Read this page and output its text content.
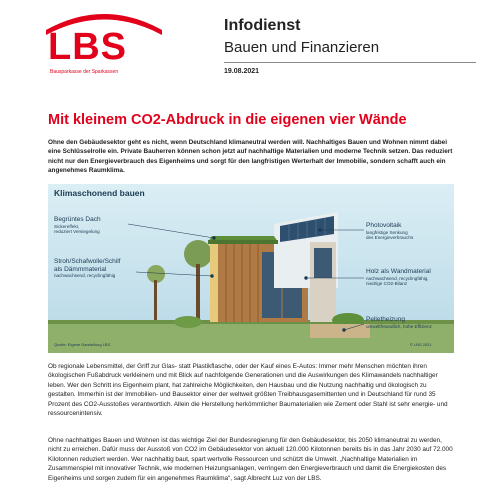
LBS
Bausparkasse der Sparkassen

Infodienst

Bauen und Finanzieren

19.08.2021
Mit kleinem CO2-Abdruck in die eigenen vier Wände
Ohne den Gebäudesektor geht es nicht, wenn Deutschland klimaneutral werden will. Nachhaltiges Bauen und Wohnen nimmt dabei eine Schlüsselrolle ein. Private Bauherren können schon jetzt auf nachhaltige Materialien und moderne Technik setzen. Das reduziert nicht nur den Energieverbrauch des Eigenheims und sorgt für den langfristigen Werterhalt der Immobilie, sondern schafft auch ein angenehmes Raumklima.
Klimaschonend bauen
Begrüntes Dach
Sickereffekt,
reduziert Versiegelung
Stroh/Schafwolle/Schilf
als Dämmmaterial
nachwachsend, recyclingfähig
Photovoltaik
langfristige Senkung
des Energieverbrauchs
Holz als Wandmaterial
nachwachsend, recyclingfähig,
niedrige CO2-Bilanz
Pelletheizung
umweltfreundlich, hohe Effizienz
Quelle: Eigene Darstellung LBS	© LBS 2021
Ob regionale Lebensmittel, der Griff zur Glas- statt Plastikflasche, oder der Kauf eines E-Autos: Immer mehr Menschen möchten ihren ökologischen Fußabdruck verkleinern und mit Blick auf nachfolgende Generationen und die Auswirkungen des Klimawandels nachhaltiger leben. Wer den Schritt ins Eigenheim plant, hat zahlreiche Möglichkeiten, den Hausbau und die Nutzung nachhaltig und ökologisch zu gestalten. Immerhin ist der Immobilien- und Bausektor einer der weltweit größten Treibhausgasemittenten und in Deutschland für rund 35 Prozent des CO2-Ausstoßes verantwortlich. Allein die Herstellung herkömmlicher Baumaterialien wie Zement oder Stahl ist sehr energie- und ressourcenintensiv.
Ohne nachhaltiges Bauen und Wohnen ist das wichtige Ziel der Bundesregierung für den Gebäudesektor, bis 2050 klimaneutral zu werden, nicht zu erreichen. Dafür muss der Ausstoß von CO2 im Gebäudesektor von aktuell 120.000 Kilotonnen bereits bis in das Jahr 2030 auf 72.000 Kilotonnen reduziert werden. Wer nachhaltig baut, spart wertvolle Ressourcen und schützt die Umwelt. „Nachhaltige Materialien im Zusammenspiel mit innovativer Technik, wie modernen Heizungsanlagen, verringern den Energieverbrauch und damit die Energiekosten des Eigenheims und sorgen zudem für ein angenehmes Raumklima“, sagt Albrecht Luz von der LBS.
